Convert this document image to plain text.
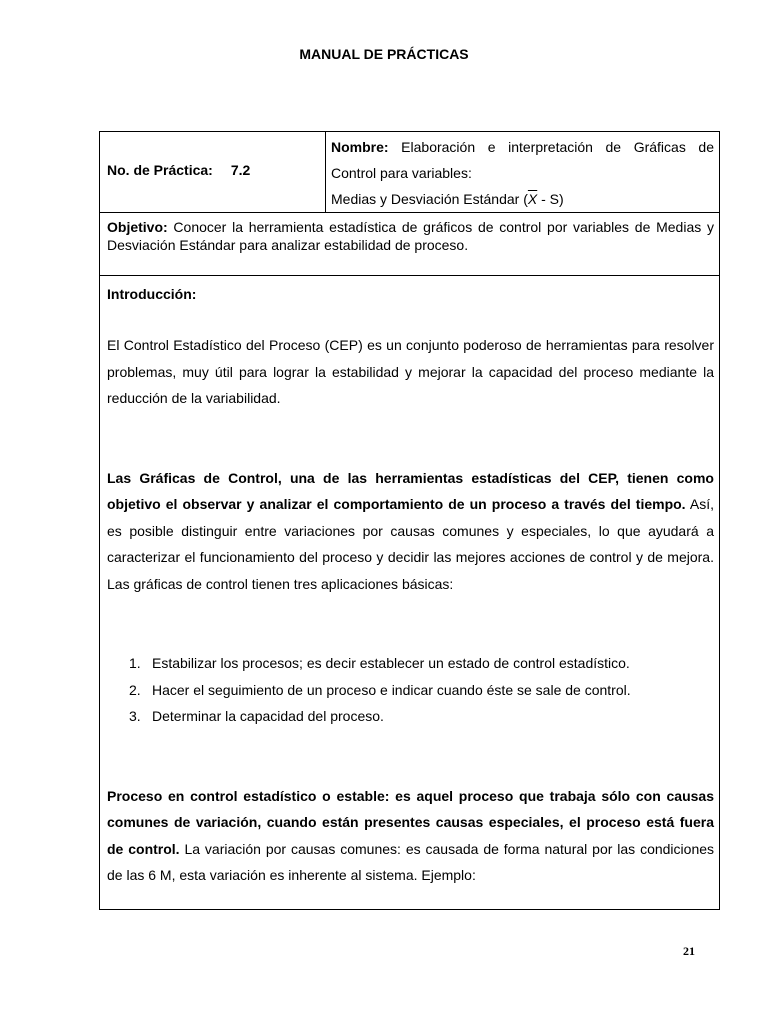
MANUAL DE PRÁCTICAS
No. de Práctica: 7.2
Nombre: Elaboración e interpretación de Gráficas de
Control para variables:
Medias y Desviación Estándar $(\overline{X} - S)$
Objetivo: Conocer la herramienta estadística de gráficos de control por variables de Medias y Desviación Estándar para analizar estabilidad de proceso.

Introducción:

El Control Estadístico del Proceso (CEP) es un conjunto poderoso de herramientas para resolver problemas, muy útil para lograr la estabilidad y mejorar la capacidad del proceso mediante la reducción de la variabilidad.

Las Gráficas de Control, una de las herramientas estadísticas del CEP, tienen como objetivo el observar y analizar el comportamiento de un proceso a través del tiempo. Así, es posible distinguir entre variaciones por causas comunes y especiales, lo que ayudará a caracterizar el funcionamiento del proceso y decidir las mejores acciones de control y de mejora. Las gráficas de control tienen tres aplicaciones básicas:

1. Estabilizar los procesos; es decir establecer un estado de control estadístico.
2. Hacer el seguimiento de un proceso e indicar cuando éste se sale de control.
3. Determinar la capacidad del proceso.

Proceso en control estadístico o estable: es aquel proceso que trabaja sólo con causas comunes de variación, cuando están presentes causas especiales, el proceso está fuera de control. La variación por causas comunes: es causada de forma natural por las condiciones de las 6 M, esta variación es inherente al sistema. Ejemplo:

21
